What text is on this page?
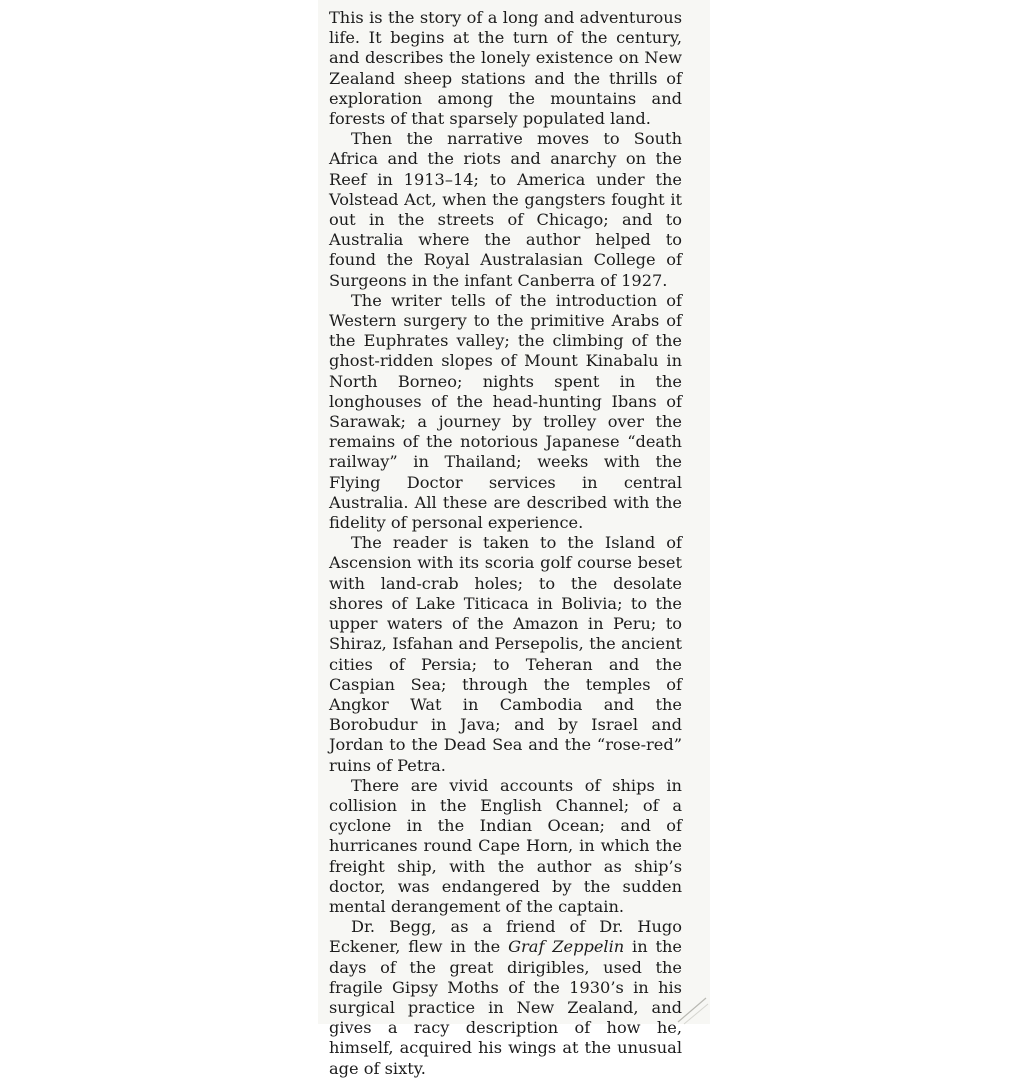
This is the story of a long and adventurous life. It begins at the turn of the century, and describes the lonely existence on New Zealand sheep stations and the thrills of exploration among the mountains and forests of that sparsely populated land.

Then the narrative moves to South Africa and the riots and anarchy on the Reef in 1913–14; to America under the Volstead Act, when the gangsters fought it out in the streets of Chicago; and to Australia where the author helped to found the Royal Australasian College of Surgeons in the infant Canberra of 1927.

The writer tells of the introduction of Western surgery to the primitive Arabs of the Euphrates valley; the climbing of the ghost-ridden slopes of Mount Kinabalu in North Borneo; nights spent in the longhouses of the head-hunting Ibans of Sarawak; a journey by trolley over the remains of the notorious Japanese “death railway” in Thailand; weeks with the Flying Doctor services in central Australia. All these are described with the fidelity of personal experience.

The reader is taken to the Island of Ascension with its scoria golf course beset with land-crab holes; to the desolate shores of Lake Titicaca in Bolivia; to the upper waters of the Amazon in Peru; to Shiraz, Isfahan and Persepolis, the ancient cities of Persia; to Teheran and the Caspian Sea; through the temples of Angkor Wat in Cambodia and the Borobudur in Java; and by Israel and Jordan to the Dead Sea and the “rose-red” ruins of Petra.

There are vivid accounts of ships in collision in the English Channel; of a cyclone in the Indian Ocean; and of hurricanes round Cape Horn, in which the freight ship, with the author as ship’s doctor, was endangered by the sudden mental derangement of the captain.

Dr. Begg, as a friend of Dr. Hugo Eckener, flew in the Graf Zeppelin in the days of the great dirigibles, used the fragile Gipsy Moths of the 1930’s in his surgical practice in New Zealand, and gives a racy description of how he, himself, acquired his wings at the unusual age of sixty.
